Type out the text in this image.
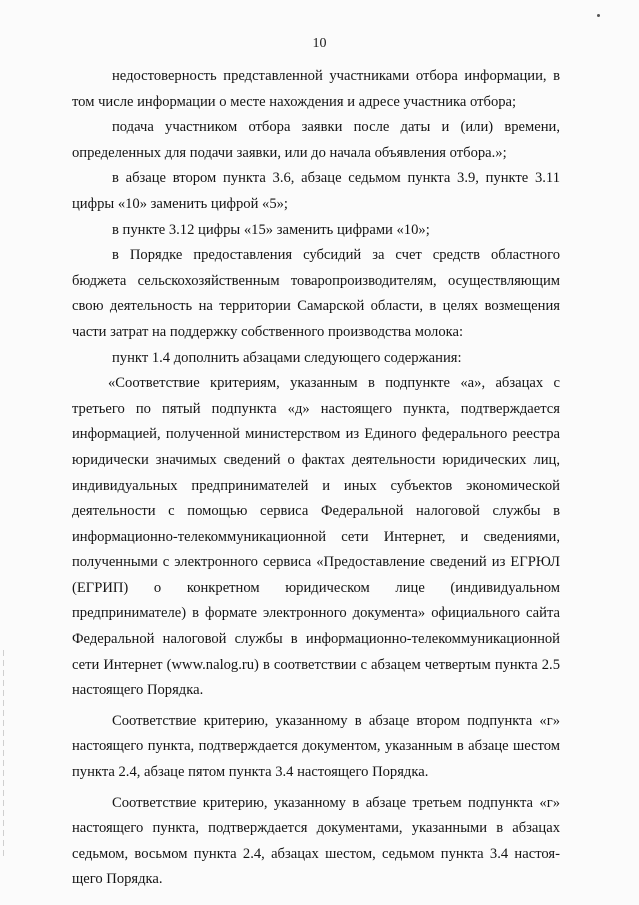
10

недостоверность представленной участниками отбора информации, в том числе информации о месте нахождения и адресе участника отбора;

подача участником отбора заявки после даты и (или) времени, определенных для подачи заявки, или до начала объявления отбора.»;

в абзаце втором пункта 3.6, абзаце седьмом пункта 3.9, пункте 3.11 цифры «10» заменить цифрой «5»;

в пункте 3.12 цифры «15» заменить цифрами «10»;

в Порядке предоставления субсидий за счет средств областного бюджета сельскохозяйственным товаропроизводителям, осуществляющим свою деятельность на территории Самарской области, в целях возмещения части затрат на поддержку собственного производства молока:

пункт 1.4 дополнить абзацами следующего содержания:

«Соответствие критериям, указанным в подпункте «а», абзацах с третьего по пятый подпункта «д» настоящего пункта, подтверждается информацией, полученной министерством из Единого федерального реестра юридически значимых сведений о фактах деятельности юридических лиц, индивидуальных предпринимателей и иных субъектов экономической деятельности с помощью сервиса Федеральной налоговой службы в информационно-телекоммуникационной сети Интернет, и сведениями, полученными с электронного сервиса «Предоставление сведений из ЕГРЮЛ (ЕГРИП) о конкретном юридическом лице (индивидуальном предпринимателе) в формате электронного документа» официального сайта Федеральной налоговой службы в информационно-телекоммуникационной сети Интернет (www.nalog.ru) в соответствии с абзацем четвертым пункта 2.5 настоящего Порядка.

Соответствие критерию, указанному в абзаце втором подпункта «г» настоящего пункта, подтверждается документом, указанным в абзаце шестом пункта 2.4, абзаце пятом пункта 3.4 настоящего Порядка.

Соответствие критерию, указанному в абзаце третьем подпункта «г» настоящего пункта, подтверждается документами, указанными в абзацах седьмом, восьмом пункта 2.4, абзацах шестом, седьмом пункта 3.4 настоящего Порядка.
